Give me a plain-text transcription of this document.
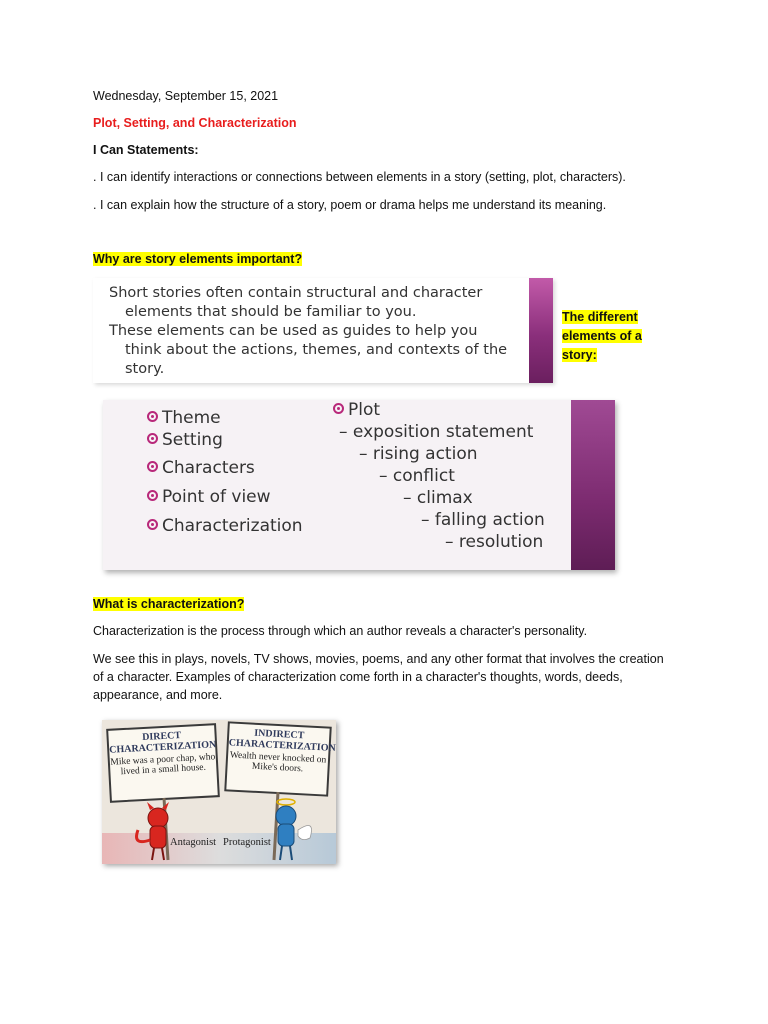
Wednesday, September 15, 2021
Plot, Setting, and Characterization
I Can Statements:
. I can identify interactions or connections between elements in a story (setting, plot, characters).
. I can explain how the structure of a story, poem or drama helps me understand its meaning.
Why are story elements important?
Short stories often contain structural and character
elements that should be familiar to you.
These elements can be used as guides to help you
think about the actions, themes, and contexts of the
story.
The different elements of a story:
Theme
Setting
Characters
Point of view
Characterization
Plot
– exposition statement
– rising action
– conflict
– climax
– falling action
– resolution
What is characterization?
Characterization is the process through which an author reveals a character's personality.
We see this in plays, novels, TV shows, movies, poems, and any other format that involves the creation of a character. Examples of characterization come forth in a character's thoughts, words, deeds, appearance, and more.
DIRECT CHARACTERIZATION
Mike was a poor chap, who lived in a small house.
INDIRECT CHARACTERIZATION
Wealth never knocked on Mike's doors.
Antagonist Protagonist
